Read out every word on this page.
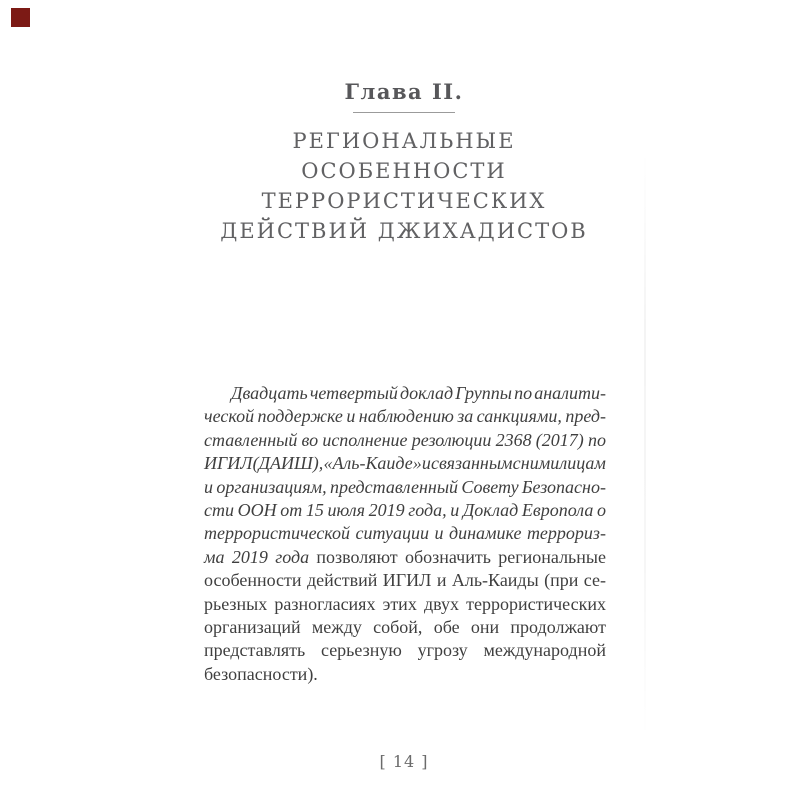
Глава II.
РЕГИОНАЛЬНЫЕ
ОСОБЕННОСТИ
ТЕРРОРИСТИЧЕСКИХ
ДЕЙСТВИЙ ДЖИХАДИСТОВ
Двадцать четвертый доклад Группы по аналити-
ческой поддержке и наблюдению за санкциями, пред-
ставленный во исполнение резолюции 2368 (2017) по
ИГИЛ (ДАИШ), «Аль-Каиде» и связанным с ними лицам
и организациям, представленный Совету Безопасно-
сти ООН от 15 июля 2019 года, и Доклад Европола о
террористической ситуации и динамике террориз-
ма 2019 года позволяют обозначить региональные
особенности действий ИГИЛ и Аль-Каиды (при се-
рьезных разногласиях этих двух террористических
организаций между собой, обе они продолжают
представлять серьезную угрозу международной
безопасности).
[ 14 ]
